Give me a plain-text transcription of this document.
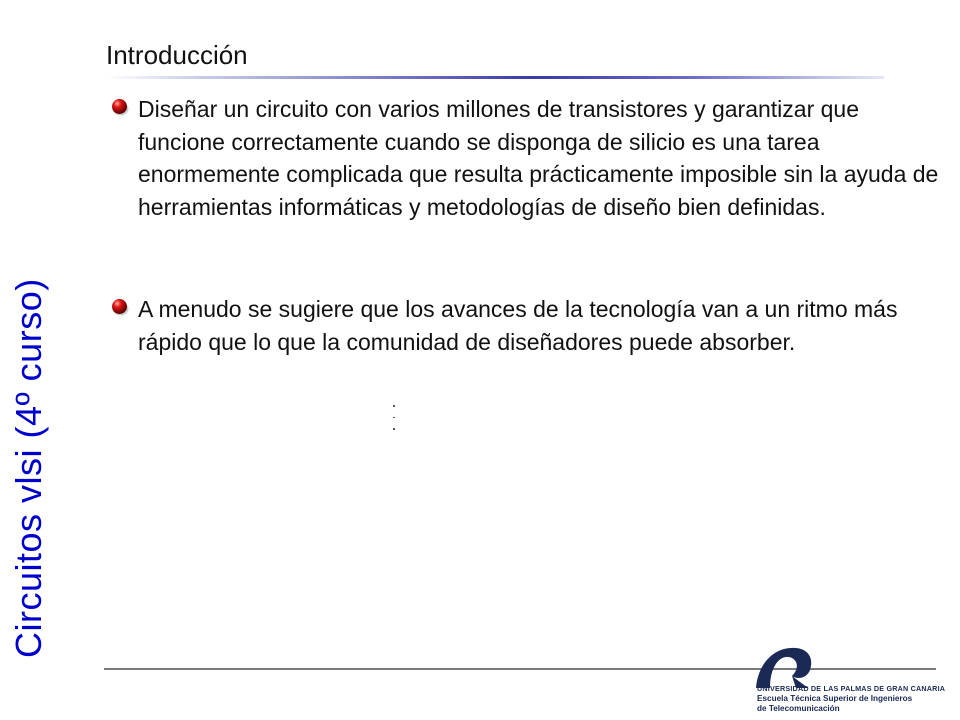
Circuitos vlsi (4º curso)
Introducción
Diseñar un circuito con varios millones de transistores y garantizar que funcione correctamente cuando se disponga de silicio es una tarea enormemente complicada que resulta prácticamente imposible sin la ayuda de herramientas informáticas y metodologías de diseño bien definidas.
A menudo se sugiere que los avances de la tecnología van a un ritmo más rápido que lo que la comunidad de diseñadores puede absorber.
UNIVERSIDAD DE LAS PALMAS DE GRAN CANARIA
Escuela Técnica Superior de Ingenieros
de Telecomunicación
